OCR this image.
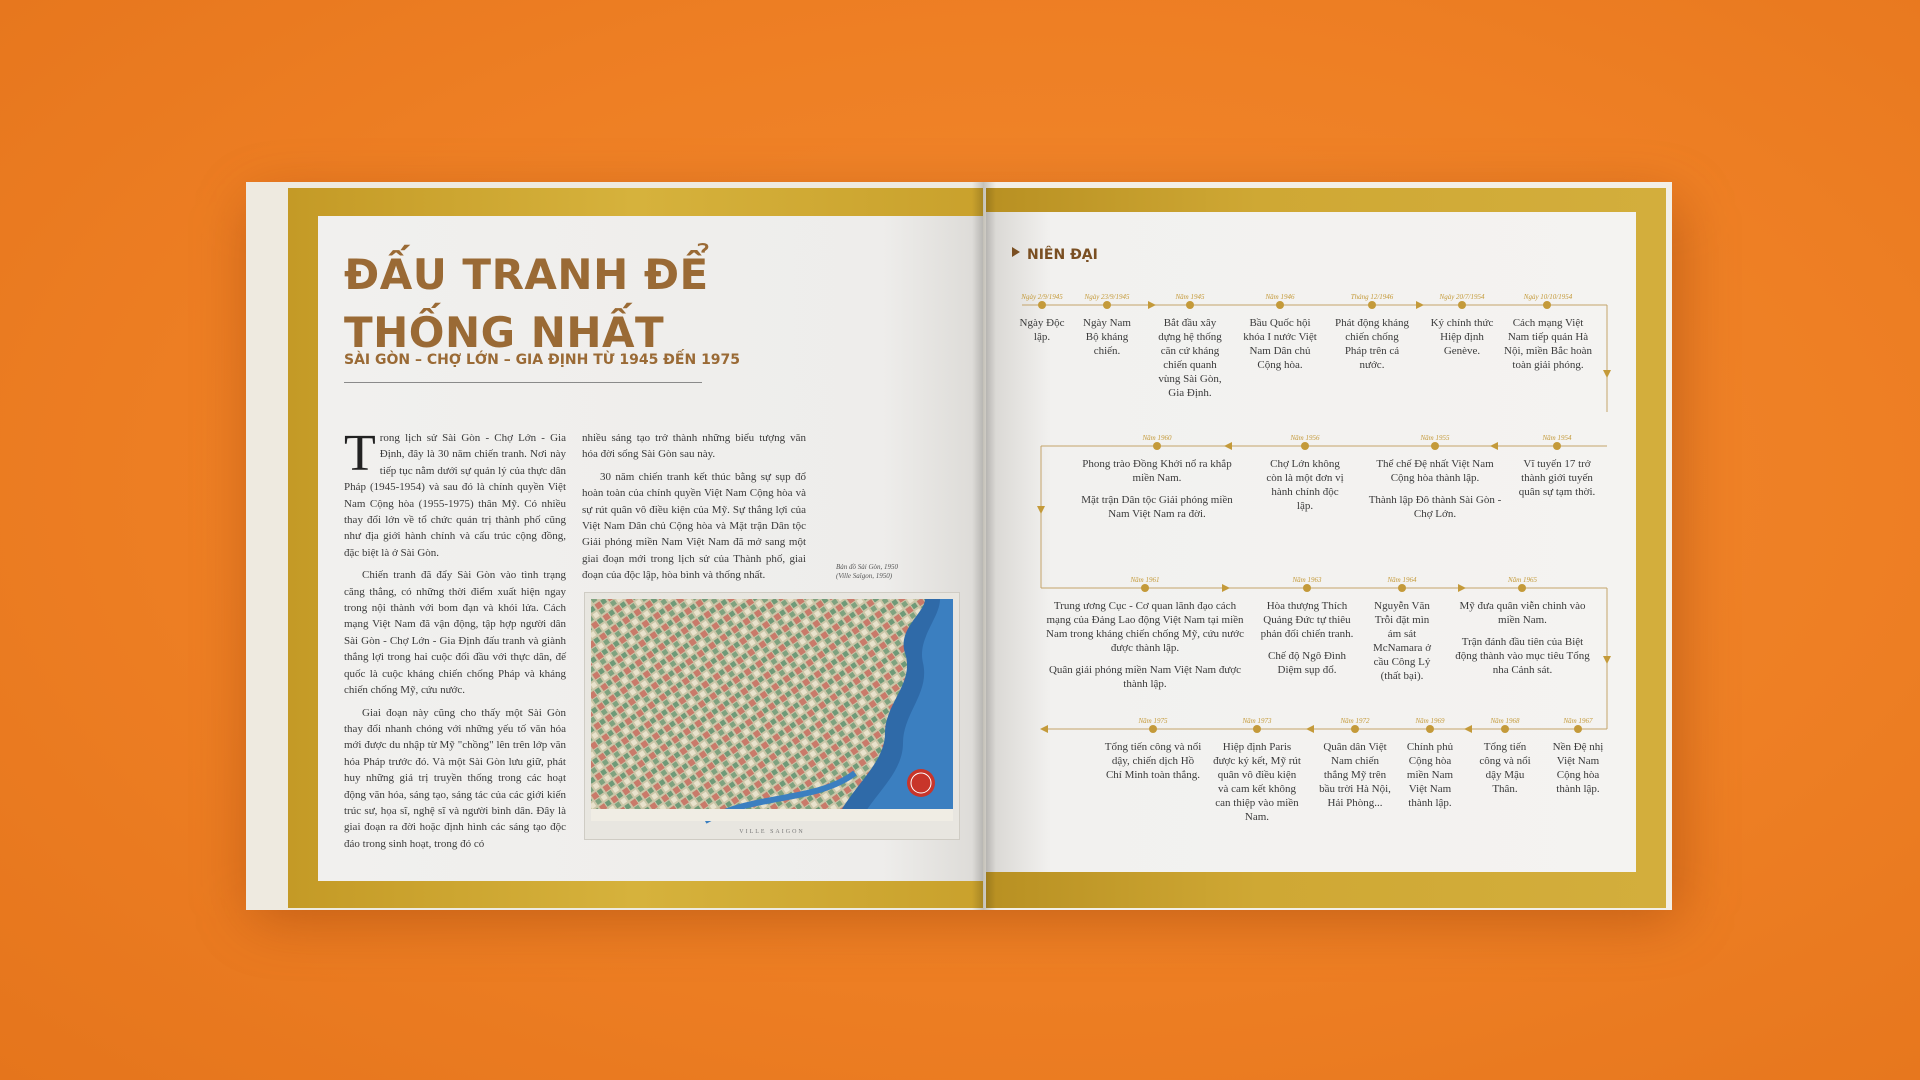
ĐẤU TRANH ĐỂ
THỐNG NHẤT
SÀI GÒN – CHỢ LỚN – GIA ĐỊNH TỪ 1945 ĐẾN 1975

Trong lịch sử Sài Gòn - Chợ Lớn - Gia Định, đây là 30 năm chiến tranh. Nơi này tiếp tục nằm dưới sự quản lý của thực dân Pháp (1945-1954) và sau đó là chính quyền Việt Nam Cộng hòa (1955-1975) thân Mỹ. Có nhiều thay đổi lớn về tổ chức quản trị thành phố cũng như địa giới hành chính và cấu trúc cộng đồng, đặc biệt là ở Sài Gòn.

Chiến tranh đã đẩy Sài Gòn vào tình trạng căng thẳng, có những thời điểm xuất hiện ngay trong nội thành với bom đạn và khói lửa. Cách mạng Việt Nam đã vận động, tập hợp người dân Sài Gòn - Chợ Lớn - Gia Định đấu tranh và giành thắng lợi trong hai cuộc đối đầu với thực dân, đế quốc là cuộc kháng chiến chống Pháp và kháng chiến chống Mỹ, cứu nước.

Giai đoạn này cũng cho thấy một Sài Gòn thay đổi nhanh chóng với những yếu tố văn hóa mới được du nhập từ Mỹ "chồng" lên trên lớp văn hóa Pháp trước đó. Và một Sài Gòn lưu giữ, phát huy những giá trị truyền thống trong các hoạt động văn hóa, sáng tạo, sáng tác của các giới kiến trúc sư, họa sĩ, nghệ sĩ và người bình dân. Đây là giai đoạn ra đời hoặc định hình các sáng tạo độc đáo trong sinh hoạt, trong đó có

nhiều sáng tạo trở thành những biểu tượng văn hóa đời sống Sài Gòn sau này.

30 năm chiến tranh kết thúc bằng sự sụp đổ hoàn toàn của chính quyền Việt Nam Cộng hòa và sự rút quân vô điều kiện của Mỹ. Sự thắng lợi của Việt Nam Dân chủ Cộng hòa và Mặt trận Dân tộc Giải phóng miền Nam Việt Nam đã mở sang một giai đoạn mới trong lịch sử của Thành phố, giai đoạn của độc lập, hòa bình và thống nhất.

Bản đồ Sài Gòn, 1950
(Ville Saïgon, 1950)
VILLE SAIGON
NIÊN ĐẠI
Ngày 2/9/1945
Ngày Độc lập.
Ngày 23/9/1945
Ngày Nam Bộ kháng chiến.
Năm 1945
Bắt đầu xây dựng hệ thống căn cứ kháng chiến quanh vùng Sài Gòn, Gia Định.
Năm 1946
Bầu Quốc hội khóa I nước Việt Nam Dân chủ Cộng hòa.
Tháng 12/1946
Phát động kháng chiến chống Pháp trên cả nước.
Ngày 20/7/1954
Ký chính thức Hiệp định Genève.
Ngày 10/10/1954
Cách mạng Việt Nam tiếp quản Hà Nội, miền Bắc hoàn toàn giải phóng.
Năm 1960
Phong trào Đồng Khởi nổ ra khắp miền Nam.
Mặt trận Dân tộc Giải phóng miền Nam Việt Nam ra đời.
Năm 1956
Chợ Lớn không còn là một đơn vị hành chính độc lập.
Năm 1955
Thể chế Đệ nhất Việt Nam Cộng hòa thành lập.
Thành lập Đô thành Sài Gòn - Chợ Lớn.
Năm 1954
Vĩ tuyến 17 trở thành giới tuyến quân sự tạm thời.
Năm 1961
Trung ương Cục - Cơ quan lãnh đạo cách mạng của Đảng Lao động Việt Nam tại miền Nam trong kháng chiến chống Mỹ, cứu nước được thành lập.
Quân giải phóng miền Nam Việt Nam được thành lập.
Năm 1963
Hòa thượng Thích Quảng Đức tự thiêu phản đối chiến tranh.
Chế độ Ngô Đình Diệm sụp đổ.
Năm 1964
Nguyễn Văn Trỗi đặt mìn ám sát McNamara ở cầu Công Lý (thất bại).
Năm 1965
Mỹ đưa quân viễn chinh vào miền Nam.
Trận đánh đầu tiên của Biệt động thành vào mục tiêu Tổng nha Cảnh sát.
Năm 1975
Tổng tiến công và nổi dậy, chiến dịch Hồ Chí Minh toàn thắng.
Năm 1973
Hiệp định Paris được ký kết, Mỹ rút quân vô điều kiện và cam kết không can thiệp vào miền Nam.
Năm 1972
Quân dân Việt Nam chiến thắng Mỹ trên bầu trời Hà Nội, Hải Phòng...
Năm 1969
Chính phủ Cộng hòa miền Nam Việt Nam thành lập.
Năm 1968
Tổng tiến công và nổi dậy Mậu Thân.
Năm 1967
Nền Đệ nhị Việt Nam Cộng hòa thành lập.
